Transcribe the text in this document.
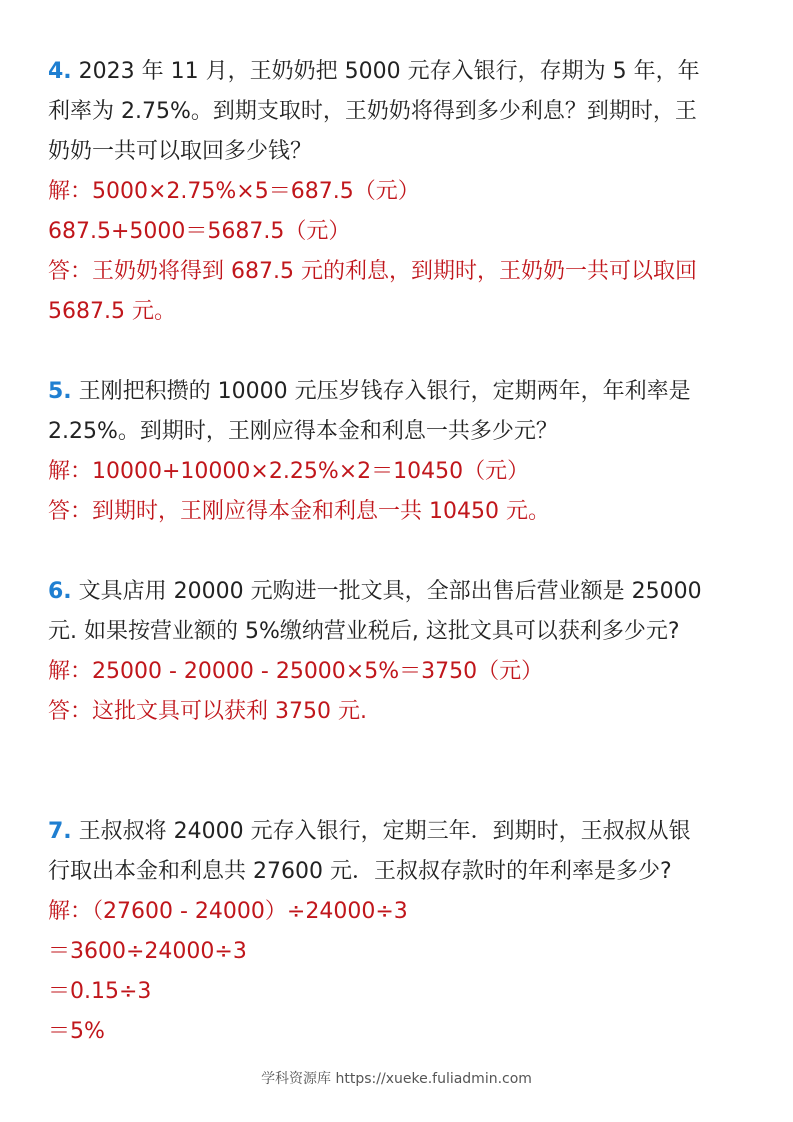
4. 2023 年 11 月，王奶奶把 5000 元存入银行，存期为 5 年，年
利率为 2.75%。到期支取时，王奶奶将得到多少利息？到期时，王
奶奶一共可以取回多少钱？
解：5000×2.75%×5＝687.5（元）
687.5+5000＝5687.5（元）
答：王奶奶将得到 687.5 元的利息，到期时，王奶奶一共可以取回
5687.5 元。
5. 王刚把积攒的 10000 元压岁钱存入银行，定期两年，年利率是
2.25%。到期时，王刚应得本金和利息一共多少元？
解：10000+10000×2.25%×2＝10450（元）
答：到期时，王刚应得本金和利息一共 10450 元。
6. 文具店用 20000 元购进一批文具，全部出售后营业额是 25000
元. 如果按营业额的 5%缴纳营业税后, 这批文具可以获利多少元?
解：25000 - 20000 - 25000×5%＝3750（元）
答：这批文具可以获利 3750 元.
7. 王叔叔将 24000 元存入银行，定期三年．到期时，王叔叔从银
行取出本金和利息共 27600 元．王叔叔存款时的年利率是多少?
解：（27600 - 24000）÷24000÷3
＝3600÷24000÷3
＝0.15÷3
＝5%
学科资源库 https://xueke.fuliadmin.com
